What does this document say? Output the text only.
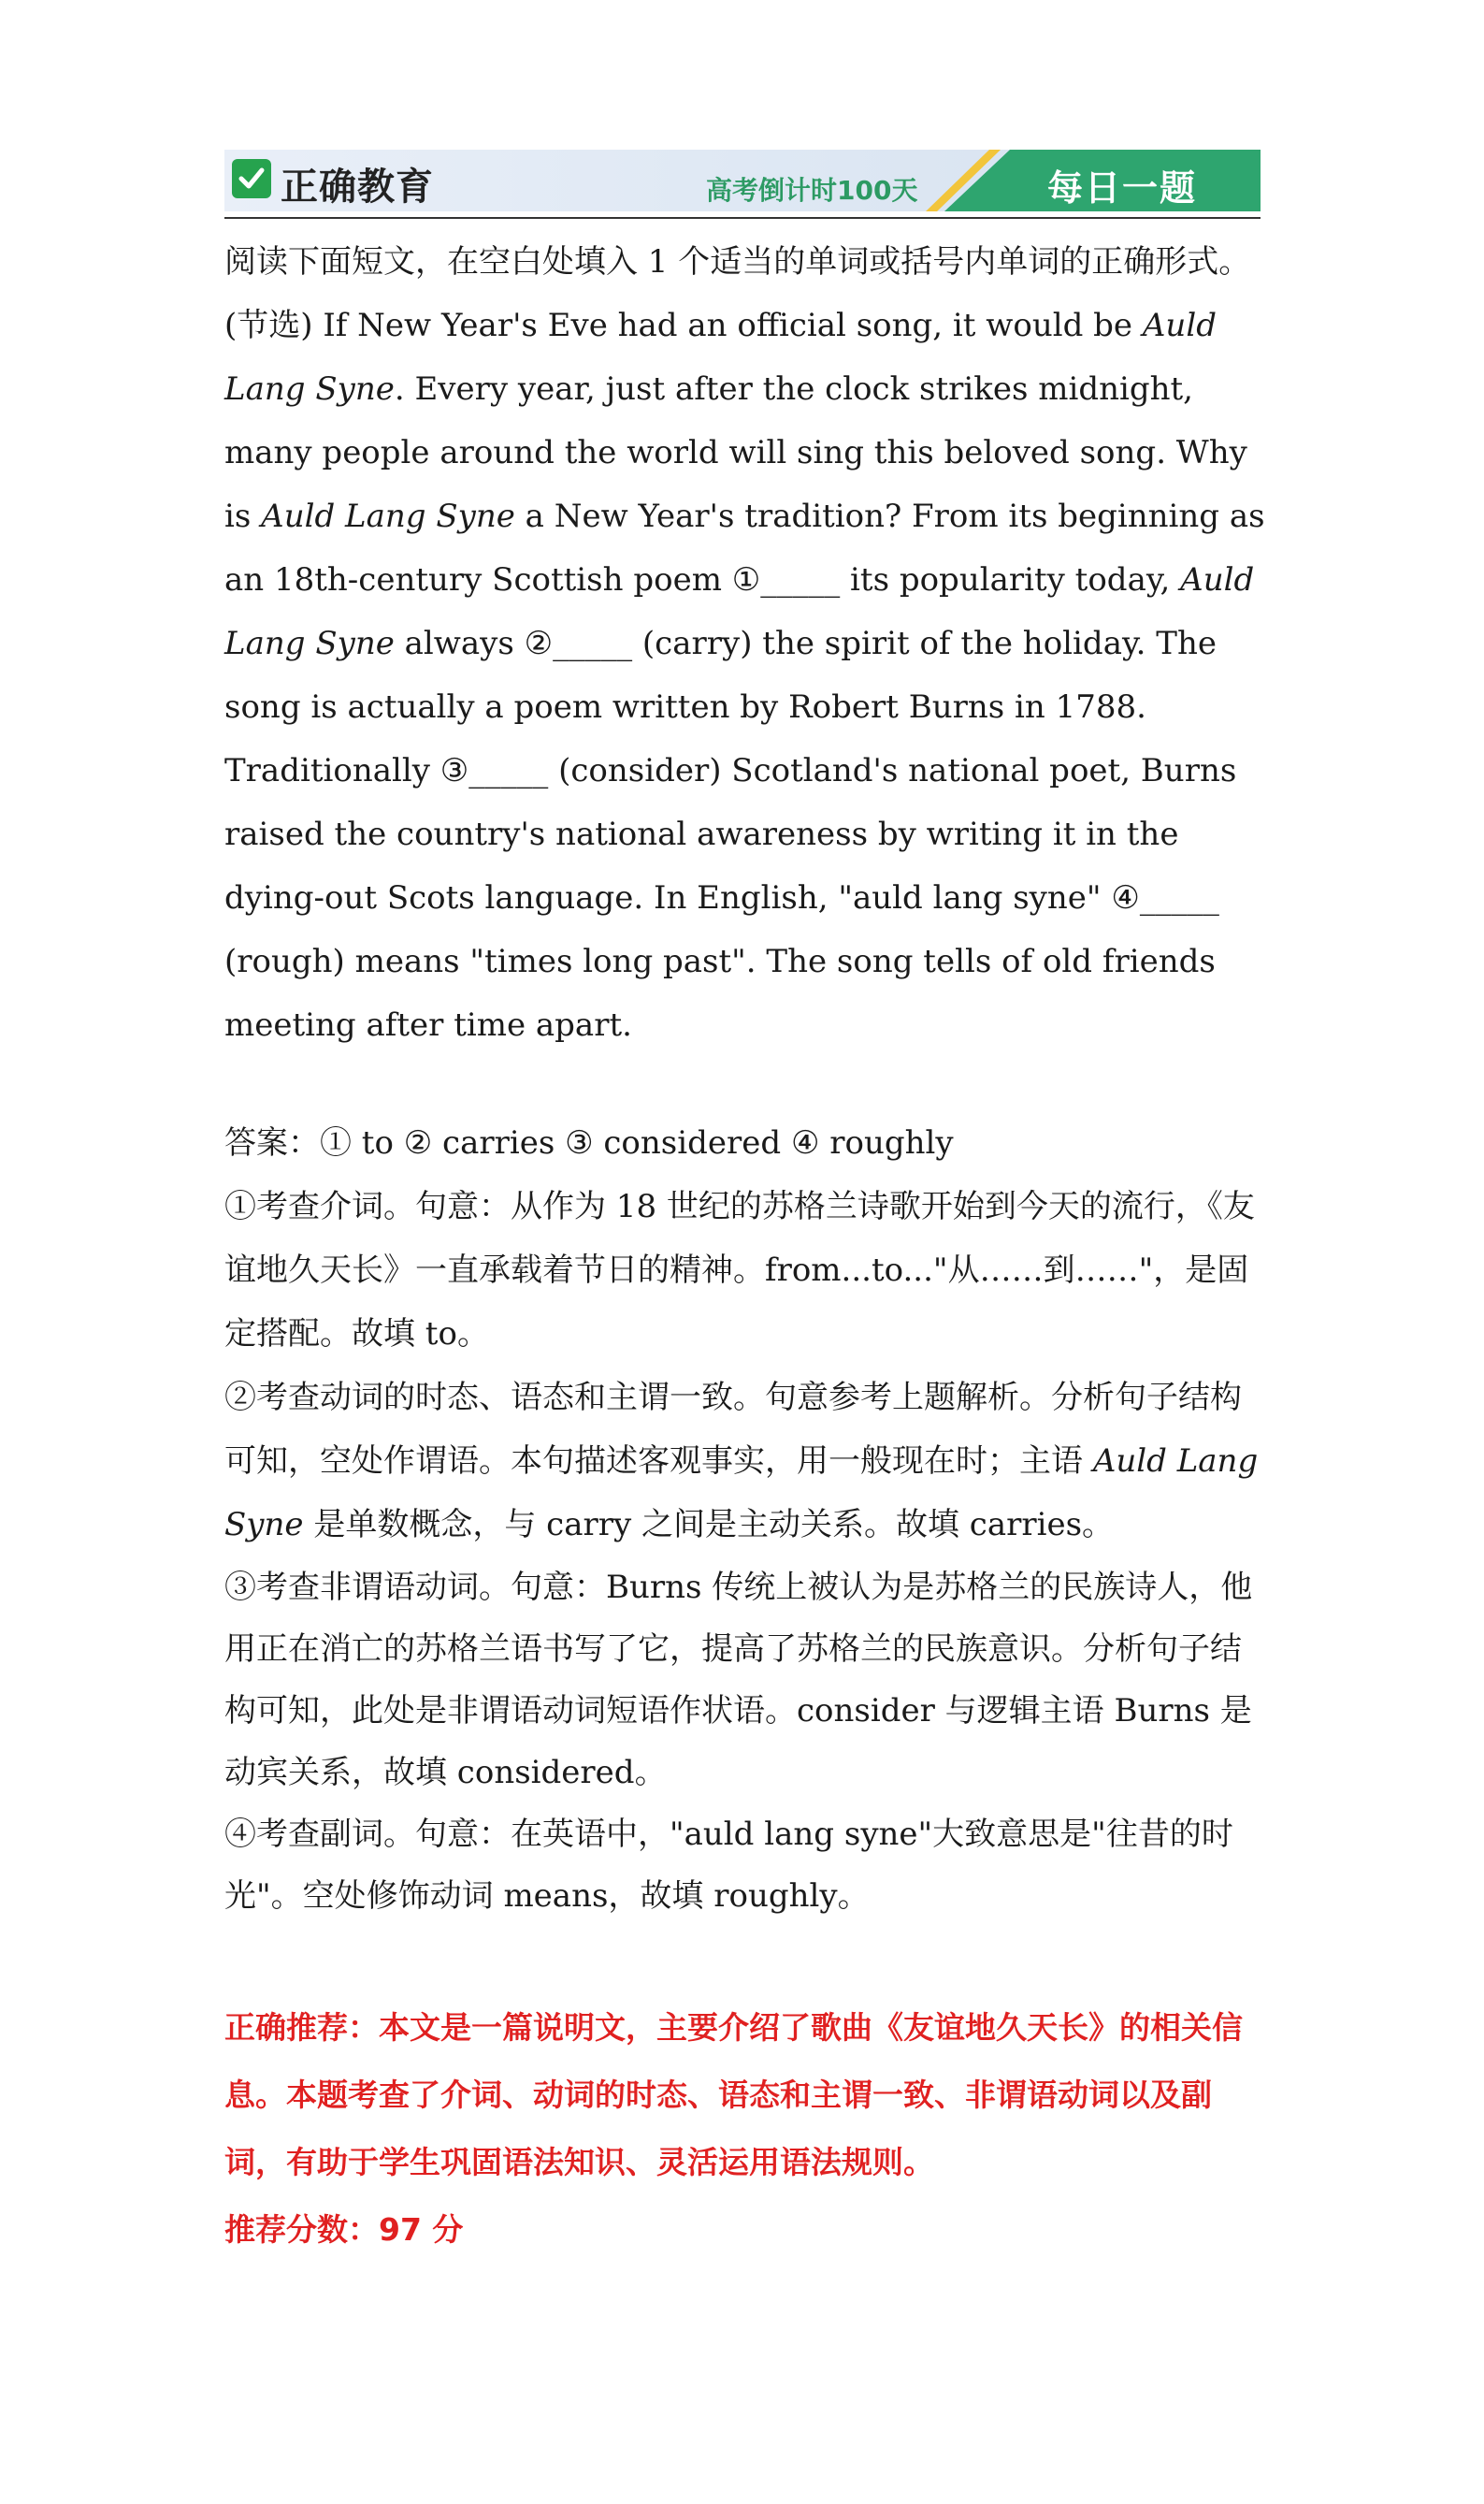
正确教育	高考倒计时100天	每日一题

阅读下面短文，在空白处填入 1 个适当的单词或括号内单词的正确形式。

(节选) If New Year's Eve had an official song, it would be Auld Lang Syne. Every year, just after the clock strikes midnight, many people around the world will sing this beloved song. Why is Auld Lang Syne a New Year's tradition? From its beginning as an 18th-century Scottish poem ①_____ its popularity today, Auld Lang Syne always ②_____ (carry) the spirit of the holiday. The song is actually a poem written by Robert Burns in 1788. Traditionally ③_____ (consider) Scotland's national poet, Burns raised the country's national awareness by writing it in the dying-out Scots language. In English, "auld lang syne" ④_____ (rough) means "times long past". The song tells of old friends meeting after time apart.

答案：① to ② carries ③ considered ④ roughly

①考查介词。句意：从作为 18 世纪的苏格兰诗歌开始到今天的流行，《友谊地久天长》一直承载着节日的精神。from...to..."从……到……"，是固定搭配。故填 to。

②考查动词的时态、语态和主谓一致。句意参考上题解析。分析句子结构可知，空处作谓语。本句描述客观事实，用一般现在时；主语 Auld Lang Syne 是单数概念，与 carry 之间是主动关系。故填 carries。

③考查非谓语动词。句意：Burns 传统上被认为是苏格兰的民族诗人，他用正在消亡的苏格兰语书写了它，提高了苏格兰的民族意识。分析句子结构可知，此处是非谓语动词短语作状语。consider 与逻辑主语 Burns 是动宾关系，故填 considered。

④考查副词。句意：在英语中，"auld lang syne"大致意思是"往昔的时光"。空处修饰动词 means，故填 roughly。

正确推荐：本文是一篇说明文，主要介绍了歌曲《友谊地久天长》的相关信息。本题考查了介词、动词的时态、语态和主谓一致、非谓语动词以及副词，有助于学生巩固语法知识、灵活运用语法规则。

推荐分数：97 分
